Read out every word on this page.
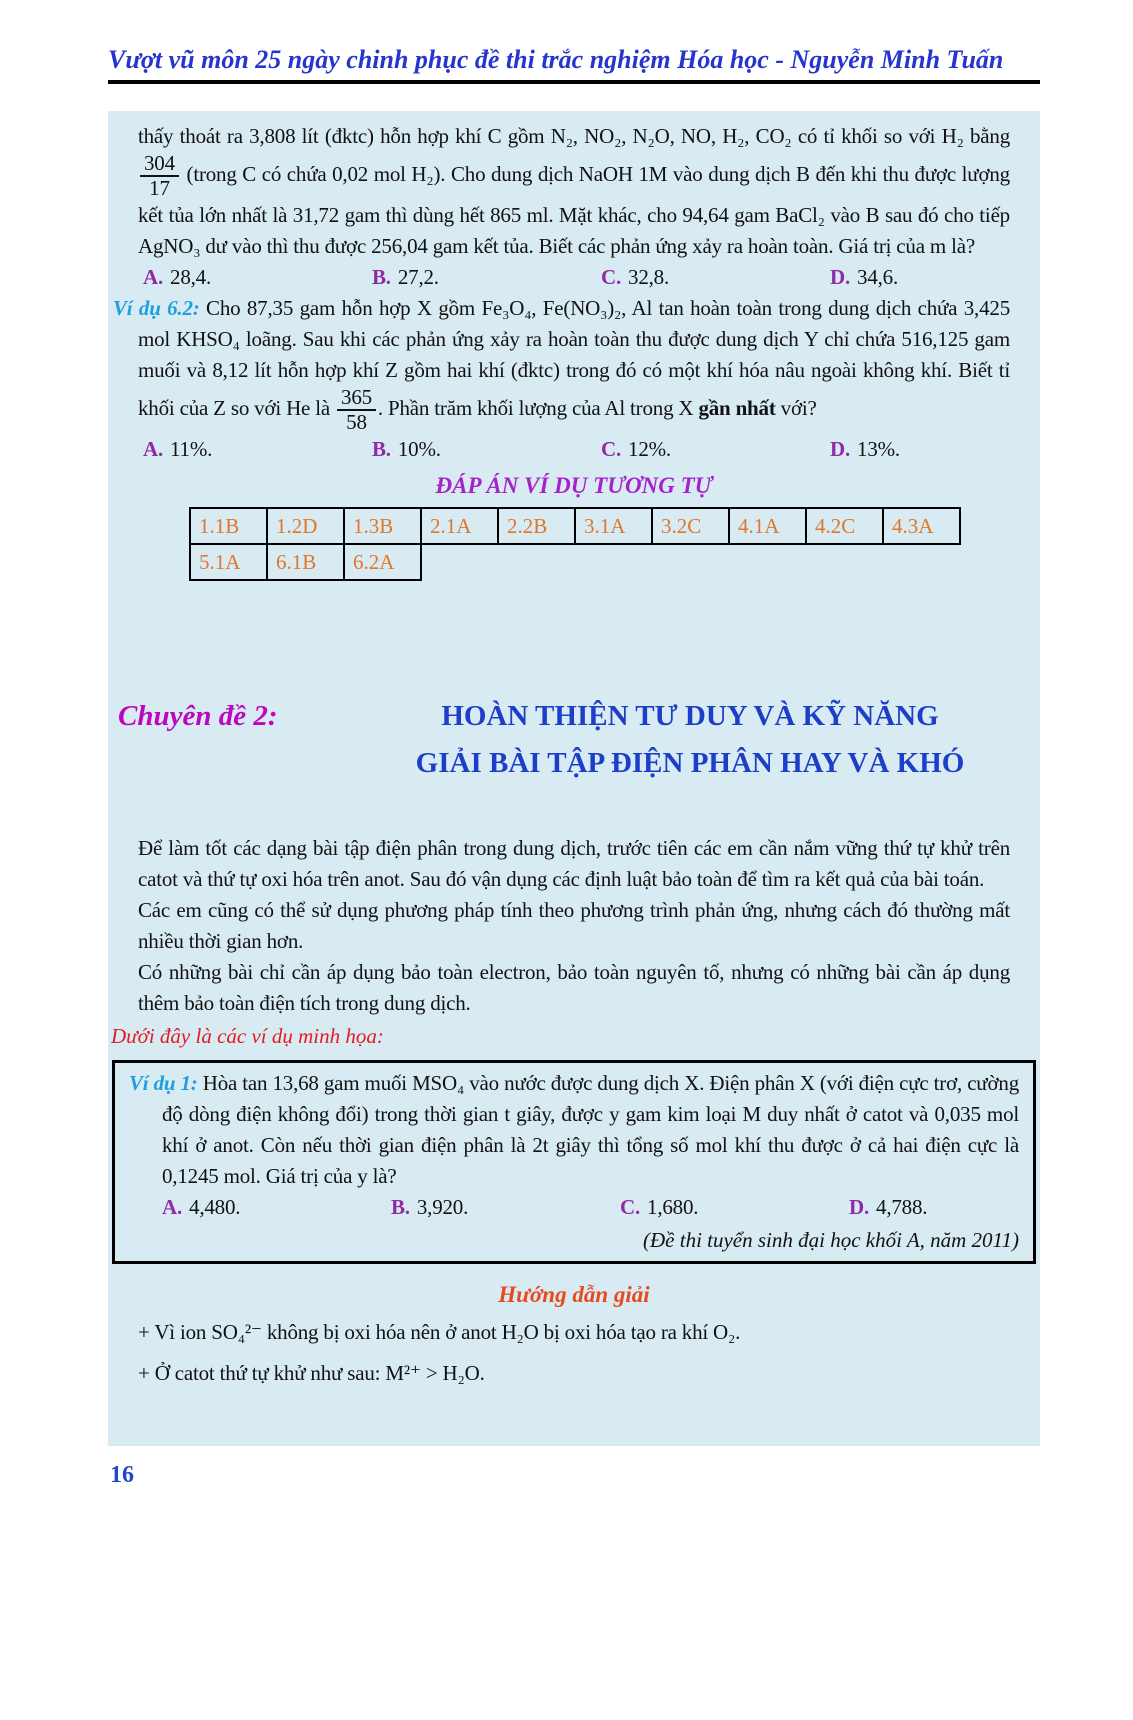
Vượt vũ môn 25 ngày chinh phục đề thi trắc nghiệm Hóa học - Nguyễn Minh Tuấn
thấy thoát ra 3,808 lít (đktc) hỗn hợp khí C gồm N₂, NO₂, N₂O, NO, H₂, CO₂ có tỉ khối so với H₂ bằng
$\frac{304}{17}$ (trong C có chứa 0,02 mol H₂). Cho dung dịch NaOH 1M vào dung dịch B đến khi thu được lượng kết tủa lớn nhất là 31,72 gam thì dùng hết 865 ml. Mặt khác, cho 94,64 gam BaCl₂ vào B sau đó cho tiếp AgNO₃ dư vào thì thu được 256,04 gam kết tủa. Biết các phản ứng xảy ra hoàn toàn. Giá trị của m là?
A. 28,4.	B. 27,2.	C. 32,8.	D. 34,6.
Ví dụ 6.2: Cho 87,35 gam hỗn hợp X gồm Fe₃O₄, Fe(NO₃)₂, Al tan hoàn toàn trong dung dịch chứa 3,425 mol KHSO₄ loãng. Sau khi các phản ứng xảy ra hoàn toàn thu được dung dịch Y chỉ chứa 516,125 gam muối và 8,12 lít hỗn hợp khí Z gồm hai khí (đktc) trong đó có một khí hóa nâu ngoài không khí. Biết tỉ khối của Z so với He là $\frac{365}{58}$ . Phần trăm khối lượng của Al trong X gần nhất với?
A. 11%.	B. 10%.	C. 12%.	D. 13%.
ĐÁP ÁN VÍ DỤ TƯƠNG TỰ
1.1B	1.2D	1.3B	2.1A	2.2B	3.1A	3.2C	4.1A	4.2C	4.3A
5.1A	6.1B	6.2A							
Chuyên đề 2:	HOÀN THIỆN TƯ DUY VÀ KỸ NĂNG
GIẢI BÀI TẬP ĐIỆN PHÂN HAY VÀ KHÓ
Để làm tốt các dạng bài tập điện phân trong dung dịch, trước tiên các em cần nắm vững thứ tự khử trên catot và thứ tự oxi hóa trên anot. Sau đó vận dụng các định luật bảo toàn để tìm ra kết quả của bài toán.
Các em cũng có thể sử dụng phương pháp tính theo phương trình phản ứng, nhưng cách đó thường mất nhiều thời gian hơn.
Có những bài chỉ cần áp dụng bảo toàn electron, bảo toàn nguyên tố, nhưng có những bài cần áp dụng thêm bảo toàn điện tích trong dung dịch.
Dưới đây là các ví dụ minh họa:
Ví dụ 1: Hòa tan 13,68 gam muối MSO₄ vào nước được dung dịch X. Điện phân X (với điện cực trơ, cường độ dòng điện không đổi) trong thời gian t giây, được y gam kim loại M duy nhất ở catot và 0,035 mol khí ở anot. Còn nếu thời gian điện phân là 2t giây thì tổng số mol khí thu được ở cả hai điện cực là 0,1245 mol. Giá trị của y là?
A. 4,480.	B. 3,920.	C. 1,680.	D. 4,788.
(Đề thi tuyển sinh đại học khối A, năm 2011)
Hướng dẫn giải
+ Vì ion SO₄²⁻ không bị oxi hóa nên ở anot H₂O bị oxi hóa tạo ra khí O₂.
+ Ở catot thứ tự khử như sau: M²⁺ > H₂O.
16
